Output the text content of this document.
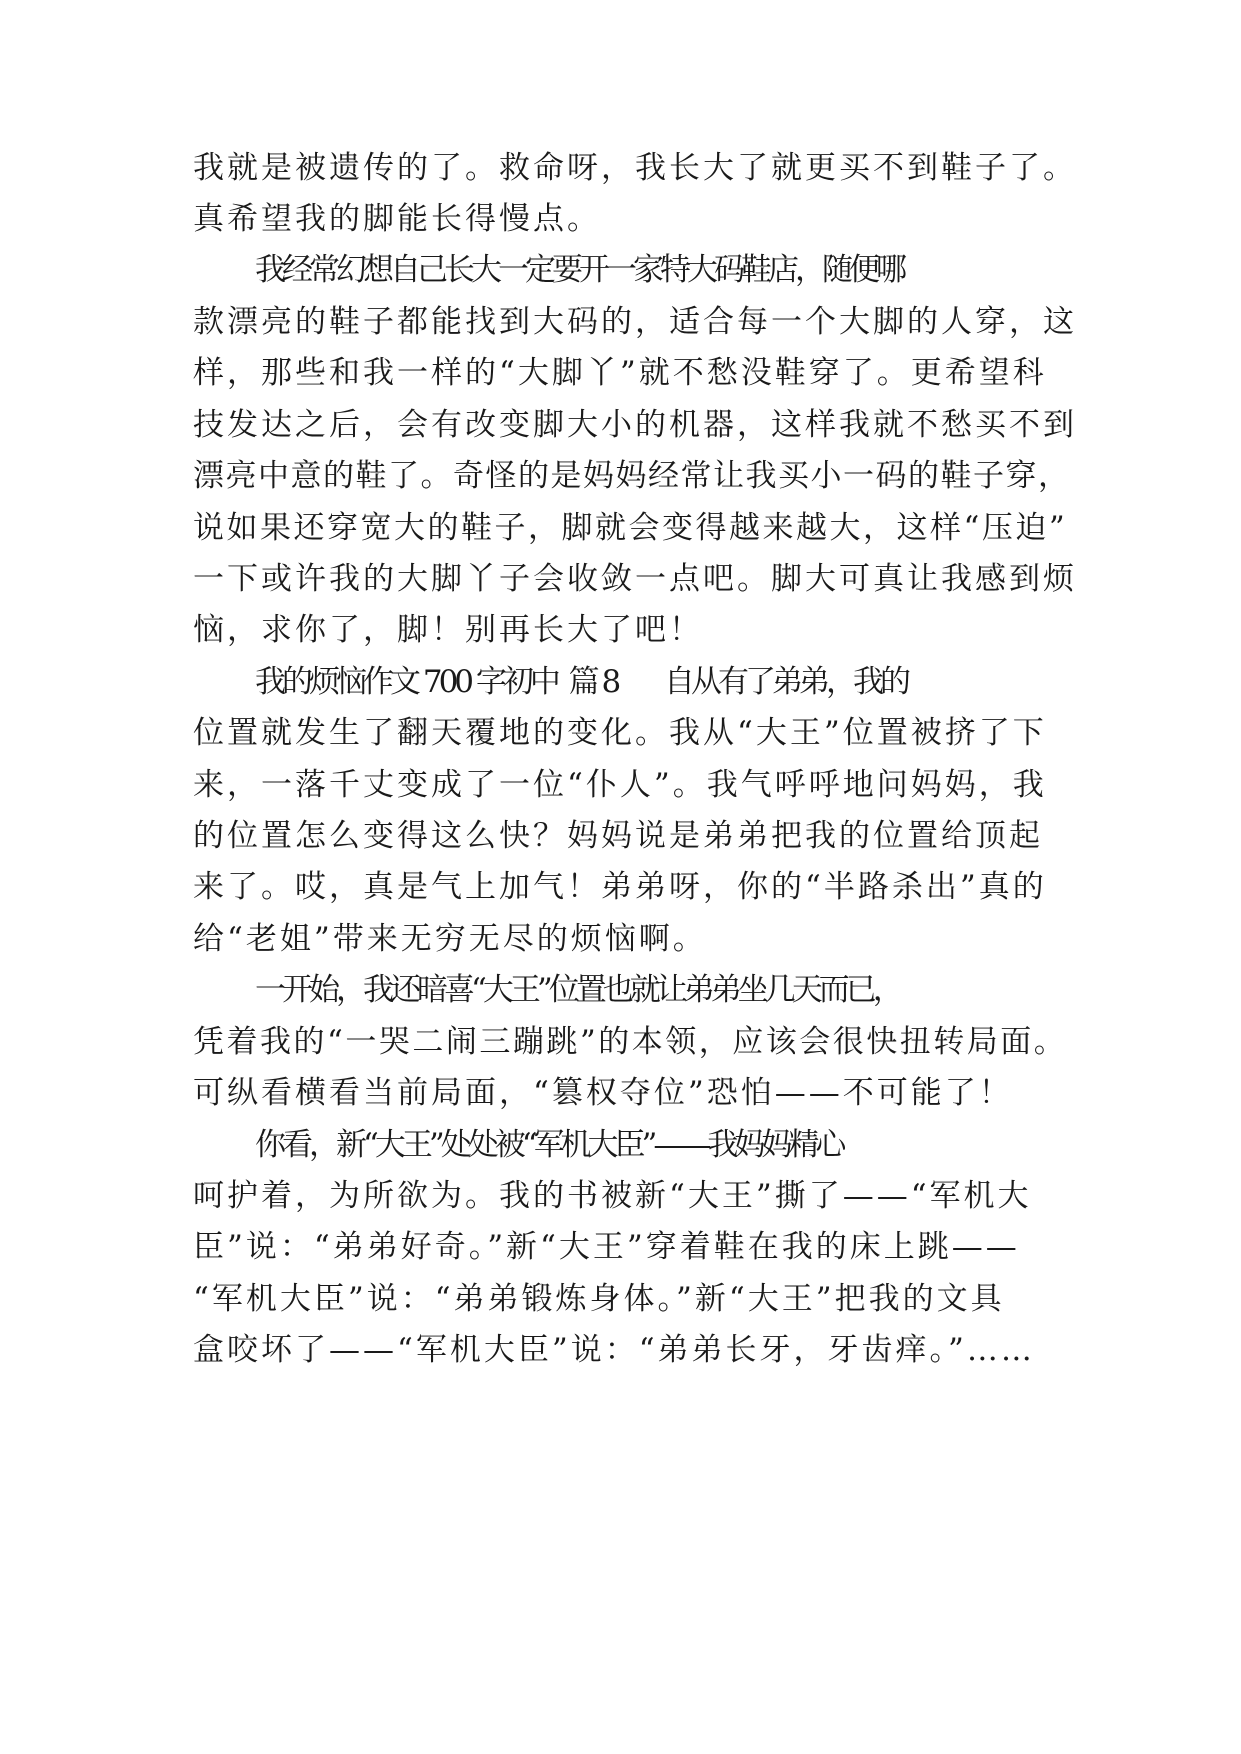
我就是被遗传的了。救命呀，我长大了就更买不到鞋子了。
真希望我的脚能长得慢点。
我经常幻想自己长大一定要开一家特大码鞋店，随便哪
款漂亮的鞋子都能找到大码的，适合每一个大脚的人穿，这
样，那些和我一样的“大脚丫”就不愁没鞋穿了。更希望科
技发达之后，会有改变脚大小的机器，这样我就不愁买不到
漂亮中意的鞋了。奇怪的是妈妈经常让我买小一码的鞋子穿，
说如果还穿宽大的鞋子，脚就会变得越来越大，这样“压迫”
一下或许我的大脚丫子会收敛一点吧。脚大可真让我感到烦
恼，求你了，脚！别再长大了吧！
我的烦恼作文 700 字初中  篇 8        自从有了弟弟，我的
位置就发生了翻天覆地的变化。我从“大王”位置被挤了下
来，一落千丈变成了一位“仆人”。我气呼呼地问妈妈，我
的位置怎么变得这么快？妈妈说是弟弟把我的位置给顶起
来了。哎，真是气上加气！弟弟呀，你的“半路杀出”真的
给“老姐”带来无穷无尽的烦恼啊。
一开始，我还暗喜“大王”位置也就让弟弟坐几天而已，
凭着我的“一哭二闹三蹦跳”的本领，应该会很快扭转局面。
可纵看横看当前局面，“篡权夺位”恐怕——不可能了！
你看，新“大王”处处被“军机大臣”——我妈妈精心
呵护着，为所欲为。我的书被新“大王”撕了——“军机大
臣”说：“弟弟好奇。”新“大王”穿着鞋在我的床上跳——
“军机大臣”说：“弟弟锻炼身体。”新“大王”把我的文具
盒咬坏了——“军机大臣”说：“弟弟长牙，牙齿痒。”……
